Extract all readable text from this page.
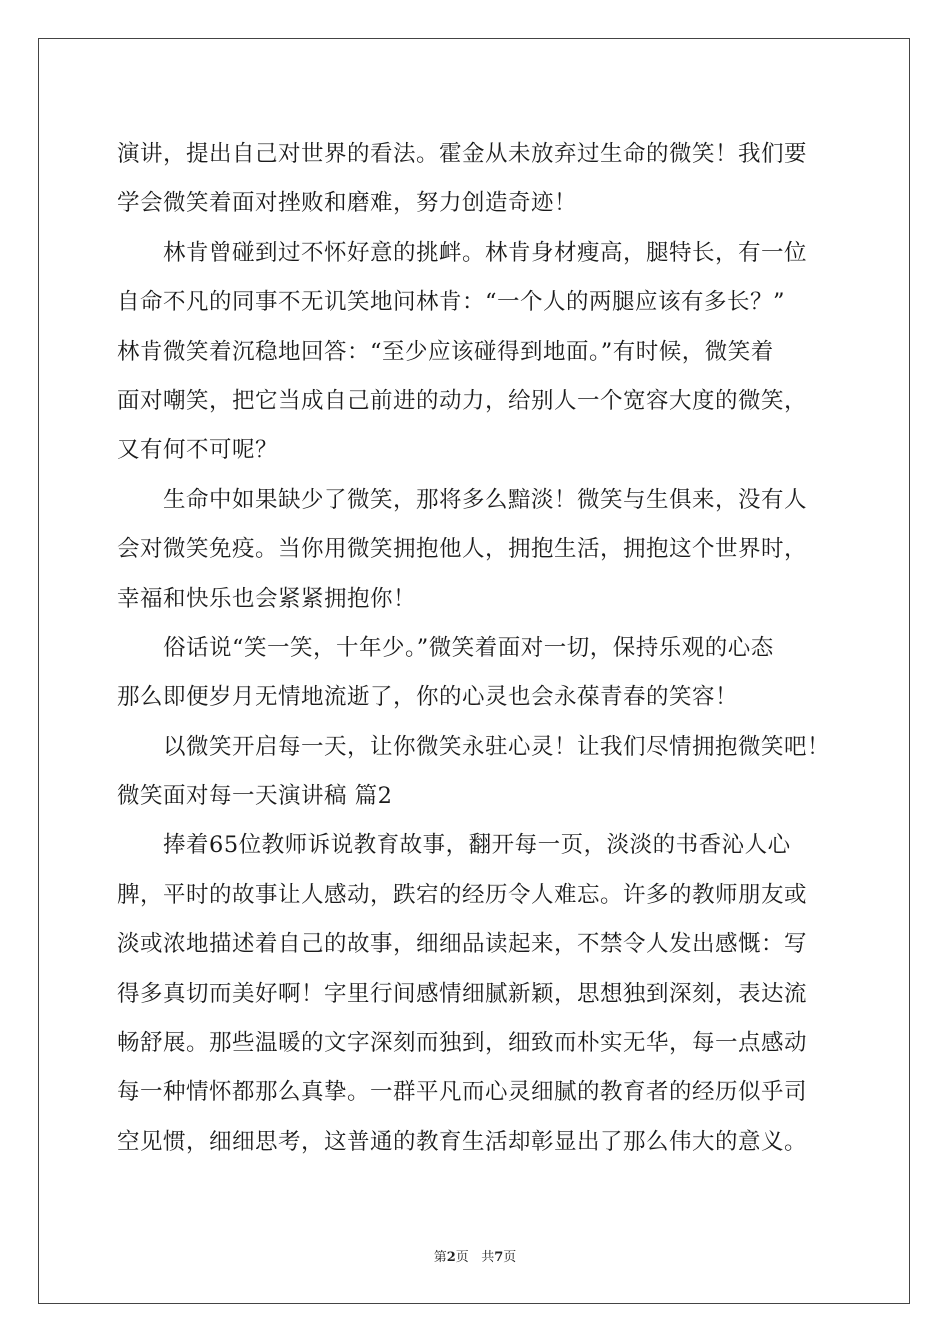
演讲，提出自己对世界的看法。霍金从未放弃过生命的微笑！我们要
学会微笑着面对挫败和磨难，努力创造奇迹！
林肯曾碰到过不怀好意的挑衅。林肯身材瘦高，腿特长，有一位
自命不凡的同事不无讥笑地问林肯：“一个人的两腿应该有多长？”
林肯微笑着沉稳地回答：“至少应该碰得到地面。”有时候，微笑着
面对嘲笑，把它当成自己前进的动力，给别人一个宽容大度的微笑，
又有何不可呢？
生命中如果缺少了微笑，那将多么黯淡！微笑与生俱来，没有人
会对微笑免疫。当你用微笑拥抱他人，拥抱生活，拥抱这个世界时，
幸福和快乐也会紧紧拥抱你！
俗话说“笑一笑，十年少。”微笑着面对一切，保持乐观的心态
那么即便岁月无情地流逝了，你的心灵也会永葆青春的笑容！
以微笑开启每一天，让你微笑永驻心灵！让我们尽情拥抱微笑吧！
微笑面对每一天演讲稿 篇2
捧着65位教师诉说教育故事，翻开每一页，淡淡的书香沁人心
脾，平时的故事让人感动，跌宕的经历令人难忘。许多的教师朋友或
淡或浓地描述着自己的故事，细细品读起来，不禁令人发出感慨：写
得多真切而美好啊！字里行间感情细腻新颖，思想独到深刻，表达流
畅舒展。那些温暖的文字深刻而独到，细致而朴实无华，每一点感动
每一种情怀都那么真挚。一群平凡而心灵细腻的教育者的经历似乎司
空见惯，细细思考，这普通的教育生活却彰显出了那么伟大的意义。
第2页 共7页
